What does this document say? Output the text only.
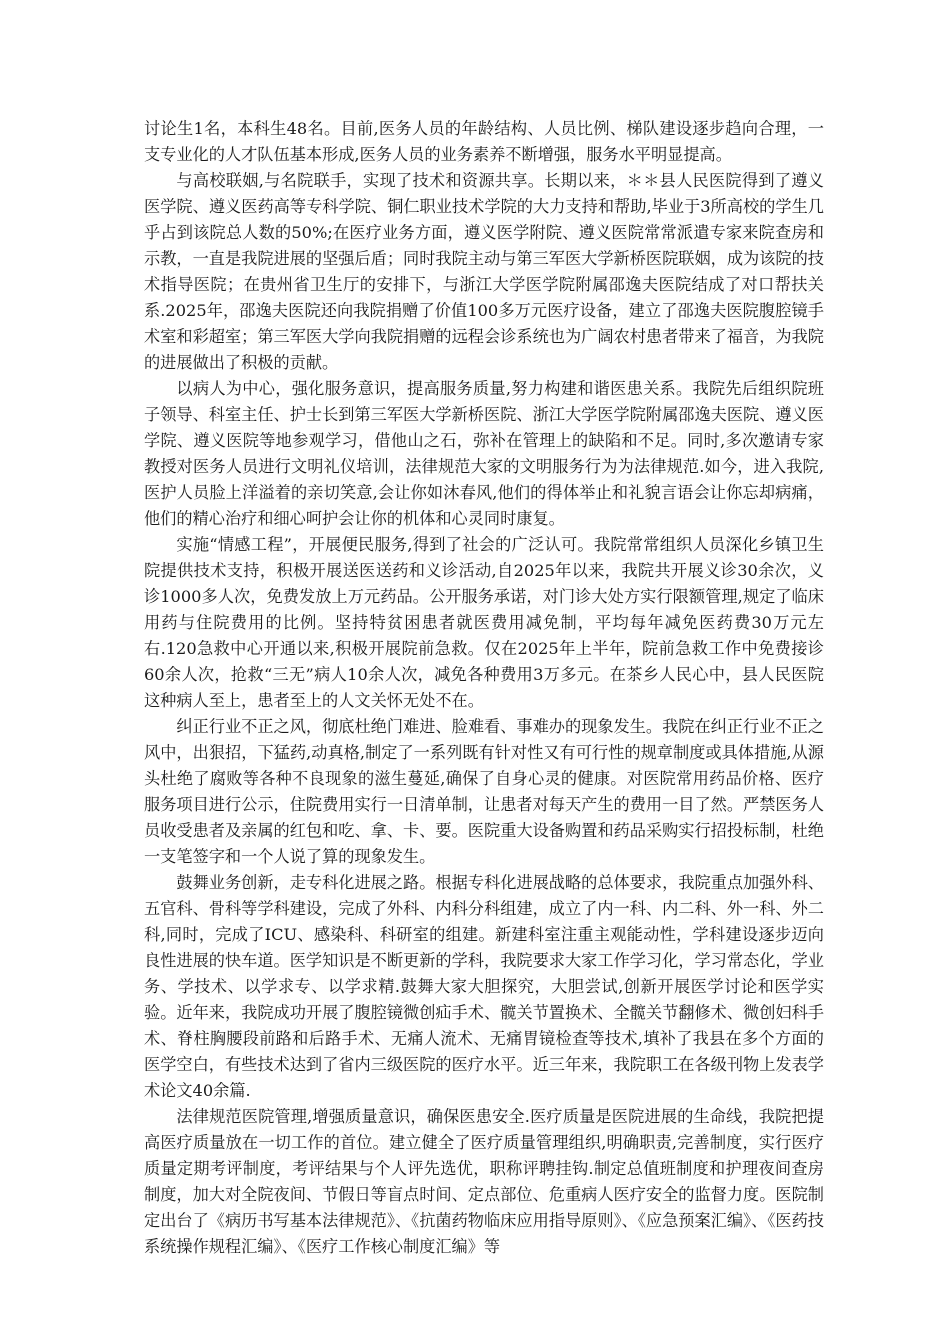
讨论生1名，本科生48名。目前,医务人员的年龄结构、人员比例、梯队建设逐步趋向合理，一支专业化的人才队伍基本形成,医务人员的业务素养不断增强，服务水平明显提高。

与高校联姻,与名院联手，实现了技术和资源共享。长期以来，＊＊县人民医院得到了遵义医学院、遵义医药高等专科学院、铜仁职业技术学院的大力支持和帮助,毕业于3所高校的学生几乎占到该院总人数的50%;在医疗业务方面，遵义医学附院、遵义医院常常派遣专家来院查房和示教，一直是我院进展的坚强后盾；同时我院主动与第三军医大学新桥医院联姻，成为该院的技术指导医院；在贵州省卫生厅的安排下，与浙江大学医学院附属邵逸夫医院结成了对口帮扶关系.2025年，邵逸夫医院还向我院捐赠了价值100多万元医疗设备，建立了邵逸夫医院腹腔镜手术室和彩超室；第三军医大学向我院捐赠的远程会诊系统也为广阔农村患者带来了福音，为我院的进展做出了积极的贡献。

以病人为中心，强化服务意识，提高服务质量,努力构建和谐医患关系。我院先后组织院班子领导、科室主任、护士长到第三军医大学新桥医院、浙江大学医学院附属邵逸夫医院、遵义医学院、遵义医院等地参观学习，借他山之石，弥补在管理上的缺陷和不足。同时,多次邀请专家教授对医务人员进行文明礼仪培训，法律规范大家的文明服务行为为法律规范.如今，进入我院,医护人员脸上洋溢着的亲切笑意,会让你如沐春风,他们的得体举止和礼貌言语会让你忘却病痛，他们的精心治疗和细心呵护会让你的机体和心灵同时康复。

实施“情感工程”，开展便民服务,得到了社会的广泛认可。我院常常组织人员深化乡镇卫生院提供技术支持，积极开展送医送药和义诊活动,自2025年以来，我院共开展义诊30余次，义诊1000多人次，免费发放上万元药品。公开服务承诺，对门诊大处方实行限额管理,规定了临床用药与住院费用的比例。坚持特贫困患者就医费用减免制，平均每年减免医药费30万元左右.120急救中心开通以来,积极开展院前急救。仅在2025年上半年，院前急救工作中免费接诊60余人次，抢救“三无”病人10余人次，减免各种费用3万多元。在茶乡人民心中，县人民医院这种病人至上，患者至上的人文关怀无处不在。

纠正行业不正之风，彻底杜绝门难进、脸难看、事难办的现象发生。我院在纠正行业不正之风中，出狠招，下猛药,动真格,制定了一系列既有针对性又有可行性的规章制度或具体措施,从源头杜绝了腐败等各种不良现象的滋生蔓延,确保了自身心灵的健康。对医院常用药品价格、医疗服务项目进行公示，住院费用实行一日清单制，让患者对每天产生的费用一目了然。严禁医务人员收受患者及亲属的红包和吃、拿、卡、要。医院重大设备购置和药品采购实行招投标制，杜绝一支笔签字和一个人说了算的现象发生。

鼓舞业务创新，走专科化进展之路。根据专科化进展战略的总体要求，我院重点加强外科、五官科、骨科等学科建设，完成了外科、内科分科组建，成立了内一科、内二科、外一科、外二科,同时，完成了ICU、感染科、科研室的组建。新建科室注重主观能动性，学科建设逐步迈向良性进展的快车道。医学知识是不断更新的学科，我院要求大家工作学习化，学习常态化，学业务、学技术、以学求专、以学求精.鼓舞大家大胆探究，大胆尝试,创新开展医学讨论和医学实验。近年来，我院成功开展了腹腔镜微创疝手术、髋关节置换术、全髋关节翻修术、微创妇科手术、脊柱胸腰段前路和后路手术、无痛人流术、无痛胃镜检查等技术,填补了我县在多个方面的医学空白，有些技术达到了省内三级医院的医疗水平。近三年来，我院职工在各级刊物上发表学术论文40余篇.

法律规范医院管理,增强质量意识，确保医患安全.医疗质量是医院进展的生命线，我院把提高医疗质量放在一切工作的首位。建立健全了医疗质量管理组织,明确职责,完善制度，实行医疗质量定期考评制度，考评结果与个人评先选优，职称评聘挂钩.制定总值班制度和护理夜间查房制度，加大对全院夜间、节假日等盲点时间、定点部位、危重病人医疗安全的监督力度。医院制定出台了《病历书写基本法律规范》、《抗菌药物临床应用指导原则》、《应急预案汇编》、《医药技系统操作规程汇编》、《医疗工作核心制度汇编》等
